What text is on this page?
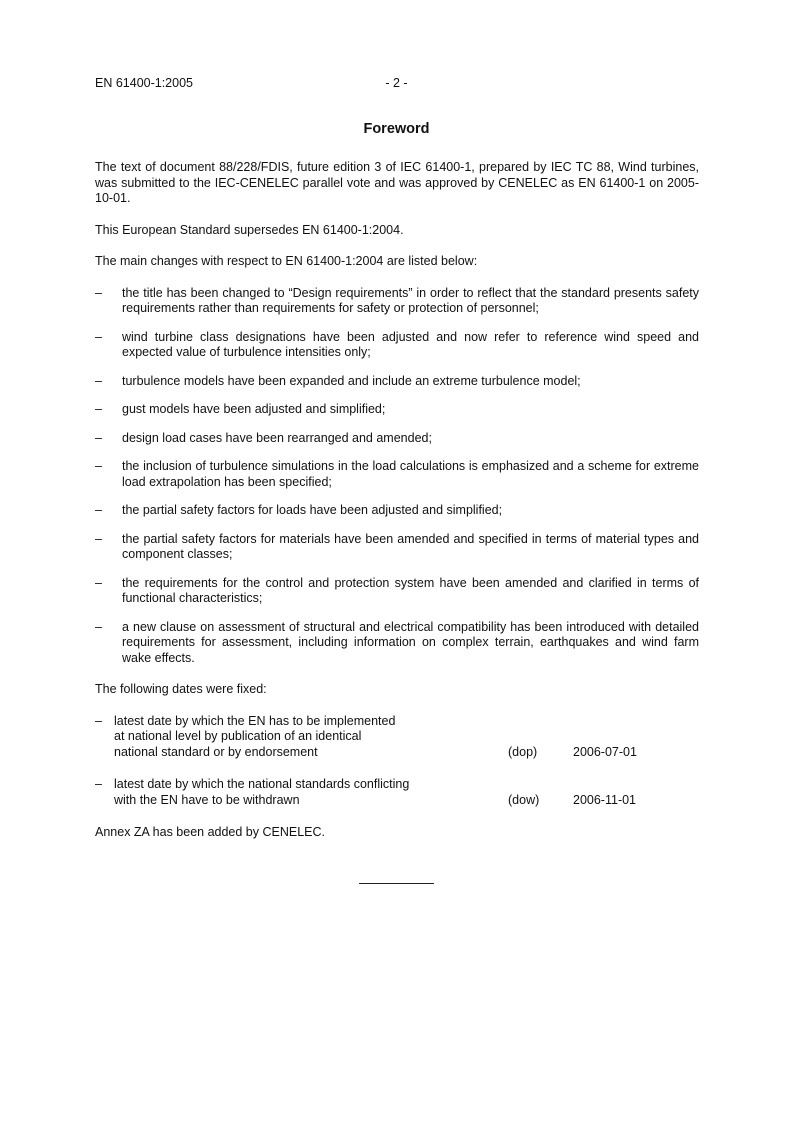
EN 61400-1:2005	- 2 -
Foreword

The text of document 88/228/FDIS, future edition 3 of IEC 61400-1, prepared by IEC TC 88, Wind turbines, was submitted to the IEC-CENELEC parallel vote and was approved by CENELEC as EN 61400-1 on 2005-10-01.

This European Standard supersedes EN 61400-1:2004.

The main changes with respect to EN 61400-1:2004 are listed below:

– the title has been changed to “Design requirements” in order to reflect that the standard presents safety requirements rather than requirements for safety or protection of personnel;
– wind turbine class designations have been adjusted and now refer to reference wind speed and expected value of turbulence intensities only;
– turbulence models have been expanded and include an extreme turbulence model;
– gust models have been adjusted and simplified;
– design load cases have been rearranged and amended;
– the inclusion of turbulence simulations in the load calculations is emphasized and a scheme for extreme load extrapolation has been specified;
– the partial safety factors for loads have been adjusted and simplified;
– the partial safety factors for materials have been amended and specified in terms of material types and component classes;
– the requirements for the control and protection system have been amended and clarified in terms of functional characteristics;
– a new clause on assessment of structural and electrical compatibility has been introduced with detailed requirements for assessment, including information on complex terrain, earthquakes and wind farm wake effects.

The following dates were fixed:

– latest date by which the EN has to be implemented
at national level by publication of an identical
national standard or by endorsement	(dop)	2006-07-01
– latest date by which the national standards conflicting
with the EN have to be withdrawn	(dow)	2006-11-01

Annex ZA has been added by CENELEC.
